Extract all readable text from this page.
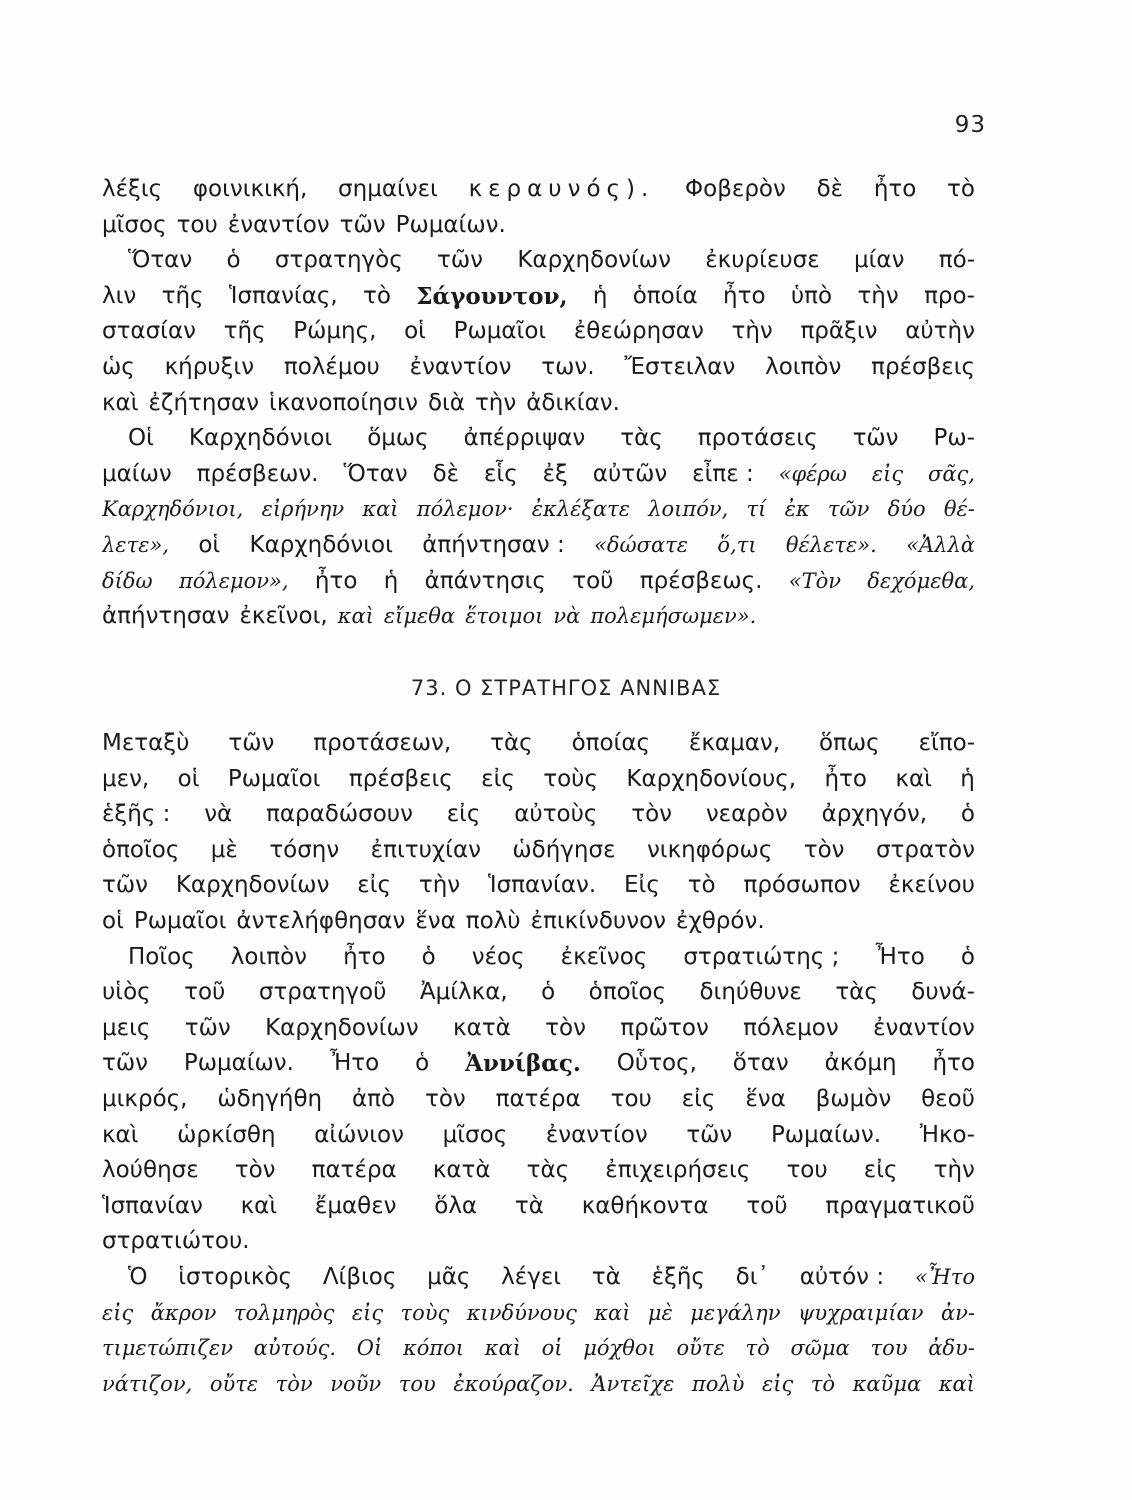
93
λέξις φοινικική, σημαίνει κεραυνός). Φοβερὸν δὲ ἦτο τὸ
μῖσος του ἐναντίον τῶν Ρωμαίων.
Ὅταν ὁ στρατηγὸς τῶν Καρχηδονίων ἐκυρίευσε μίαν πό-
λιν τῆς Ἱσπανίας, τὸ Σάγουντον, ἡ ὁποία ἦτο ὑπὸ τὴν προ-
στασίαν τῆς Ρώμης, οἱ Ρωμαῖοι ἐθεώρησαν τὴν πρᾶξιν αὐτὴν
ὡς κήρυξιν πολέμου ἐναντίον των. Ἔστειλαν λοιπὸν πρέσβεις
καὶ ἐζήτησαν ἱκανοποίησιν διὰ τὴν ἀδικίαν.
Οἱ Καρχηδόνιοι ὅμως ἀπέρριψαν τὰς προτάσεις τῶν Ρω-
μαίων πρέσβεων. Ὅταν δὲ εἷς ἐξ αὐτῶν εἶπε : «φέρω εἰς σᾶς,
Καρχηδόνιοι, εἰρήνην καὶ πόλεμον· ἐκλέξατε λοιπόν, τί ἐκ τῶν δύο θέ-
λετε», οἱ Καρχηδόνιοι ἀπήντησαν : «δώσατε ὅ,τι θέλετε». «Ἀλλὰ
δίδω πόλεμον», ἦτο ἡ ἀπάντησις τοῦ πρέσβεως. «Τὸν δεχόμεθα,
ἀπήντησαν ἐκεῖνοι, καὶ εἴμεθα ἕτοιμοι νὰ πολεμήσωμεν».
73. Ο ΣΤΡΑΤΗΓΟΣ ΑΝΝΙΒΑΣ
Μεταξὺ τῶν προτάσεων, τὰς ὁποίας ἔκαμαν, ὅπως εἴπο-
μεν, οἱ Ρωμαῖοι πρέσβεις εἰς τοὺς Καρχηδονίους, ἦτο καὶ ἡ
ἑξῆς : νὰ παραδώσουν εἰς αὐτοὺς τὸν νεαρὸν ἀρχηγόν, ὁ
ὁποῖος μὲ τόσην ἐπιτυχίαν ὡδήγησε νικηφόρως τὸν στρατὸν
τῶν Καρχηδονίων εἰς τὴν Ἱσπανίαν. Εἰς τὸ πρόσωπον ἐκείνου
οἱ Ρωμαῖοι ἀντελήφθησαν ἕνα πολὺ ἐπικίνδυνον ἐχθρόν.
Ποῖος λοιπὸν ἦτο ὁ νέος ἐκεῖνος στρατιώτης ; Ἦτο ὁ
υἱὸς τοῦ στρατηγοῦ Ἀμίλκα, ὁ ὁποῖος διηύθυνε τὰς δυνά-
μεις τῶν Καρχηδονίων κατὰ τὸν πρῶτον πόλεμον ἐναντίον
τῶν Ρωμαίων. Ἦτο ὁ Ἀννίβας. Οὗτος, ὅταν ἀκόμη ἦτο
μικρός, ὡδηγήθη ἀπὸ τὸν πατέρα του εἰς ἕνα βωμὸν θεοῦ
καὶ ὡρκίσθη αἰώνιον μῖσος ἐναντίον τῶν Ρωμαίων. Ἠκο-
λούθησε τὸν πατέρα κατὰ τὰς ἐπιχειρήσεις του εἰς τὴν
Ἱσπανίαν καὶ ἔμαθεν ὅλα τὰ καθήκοντα τοῦ πραγματικοῦ
στρατιώτου.
Ὁ ἱστορικὸς Λίβιος μᾶς λέγει τὰ ἑξῆς δι᾽ αὐτόν : «Ἦτο
εἰς ἄκρον τολμηρὸς εἰς τοὺς κινδύνους καὶ μὲ μεγάλην ψυχραιμίαν ἀν-
τιμετώπιζεν αὐτούς. Οἱ κόποι καὶ οἱ μόχθοι οὔτε τὸ σῶμα του ἀδυ-
νάτιζον, οὔτε τὸν νοῦν του ἐκούραζον. Ἀντεῖχε πολὺ εἰς τὸ καῦμα καὶ
